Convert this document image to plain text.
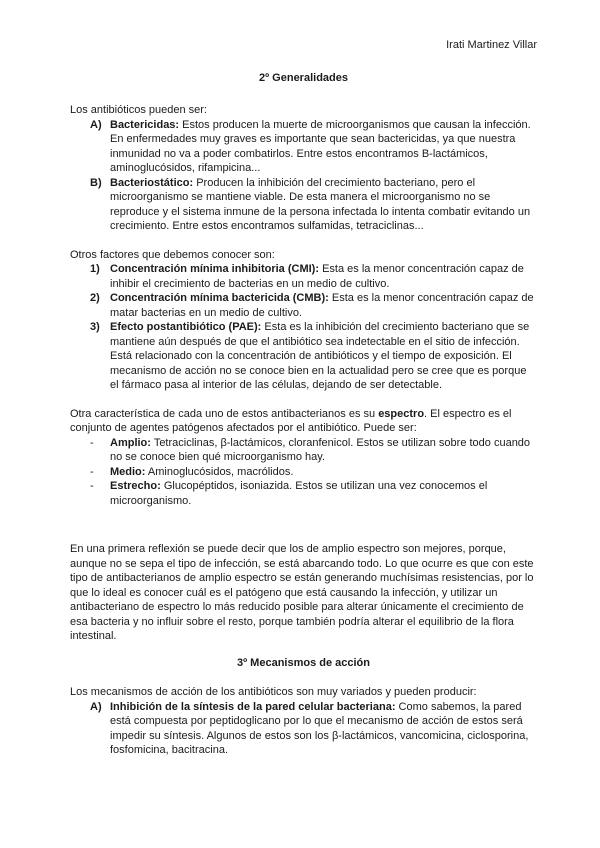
Irati Martinez Villar
2º Generalidades

Los antibióticos pueden ser:

A) Bactericidas: Estos producen la muerte de microorganismos que causan la infección. En enfermedades muy graves es importante que sean bactericidas, ya que nuestra inmunidad no va a poder combatirlos. Entre estos encontramos B-lactámicos, aminoglucósidos, rifampicina...
B) Bacteriostático: Producen la inhibición del crecimiento bacteriano, pero el microorganismo se mantiene viable. De esta manera el microorganismo no se reproduce y el sistema inmune de la persona infectada lo intenta combatir evitando un crecimiento. Entre estos encontramos sulfamidas, tetraciclinas...

Otros factores que debemos conocer son:

1) Concentración mínima inhibitoria (CMI): Esta es la menor concentración capaz de inhibir el crecimiento de bacterias en un medio de cultivo.
2) Concentración mínima bactericida (CMB): Esta es la menor concentración capaz de matar bacterias en un medio de cultivo.
3) Efecto postantibiótico (PAE): Esta es la inhibición del crecimiento bacteriano que se mantiene aún después de que el antibiótico sea indetectable en el sitio de infección. Está relacionado con la concentración de antibióticos y el tiempo de exposición. El mecanismo de acción no se conoce bien en la actualidad pero se cree que es porque el fármaco pasa al interior de las células, dejando de ser detectable.

Otra característica de cada uno de estos antibacterianos es su espectro. El espectro es el conjunto de agentes patógenos afectados por el antibiótico. Puede ser:

- Amplio: Tetraciclinas, β-lactámicos, cloranfenicol. Estos se utilizan sobre todo cuando no se conoce bien qué microorganismo hay.
- Medio: Aminoglucósidos, macrólidos.
- Estrecho: Glucopéptidos, isoniazida. Estos se utilizan una vez conocemos el microorganismo.

En una primera reflexión se puede decir que los de amplio espectro son mejores, porque, aunque no se sepa el tipo de infección, se está abarcando todo. Lo que ocurre es que con este tipo de antibacterianos de amplio espectro se están generando muchísimas resistencias, por lo que lo ideal es conocer cuál es el patógeno que está causando la infección, y utilizar un antibacteriano de espectro lo más reducido posible para alterar únicamente el crecimiento de esa bacteria y no influir sobre el resto, porque también podría alterar el equilibrio de la flora intestinal.

3º Mecanismos de acción

Los mecanismos de acción de los antibióticos son muy variados y pueden producir:

A) Inhibición de la síntesis de la pared celular bacteriana: Como sabemos, la pared está compuesta por peptidoglicano por lo que el mecanismo de acción de estos será impedir su síntesis. Algunos de estos son los β-lactámicos, vancomicina, ciclosporina, fosfomicina, bacitracina.
